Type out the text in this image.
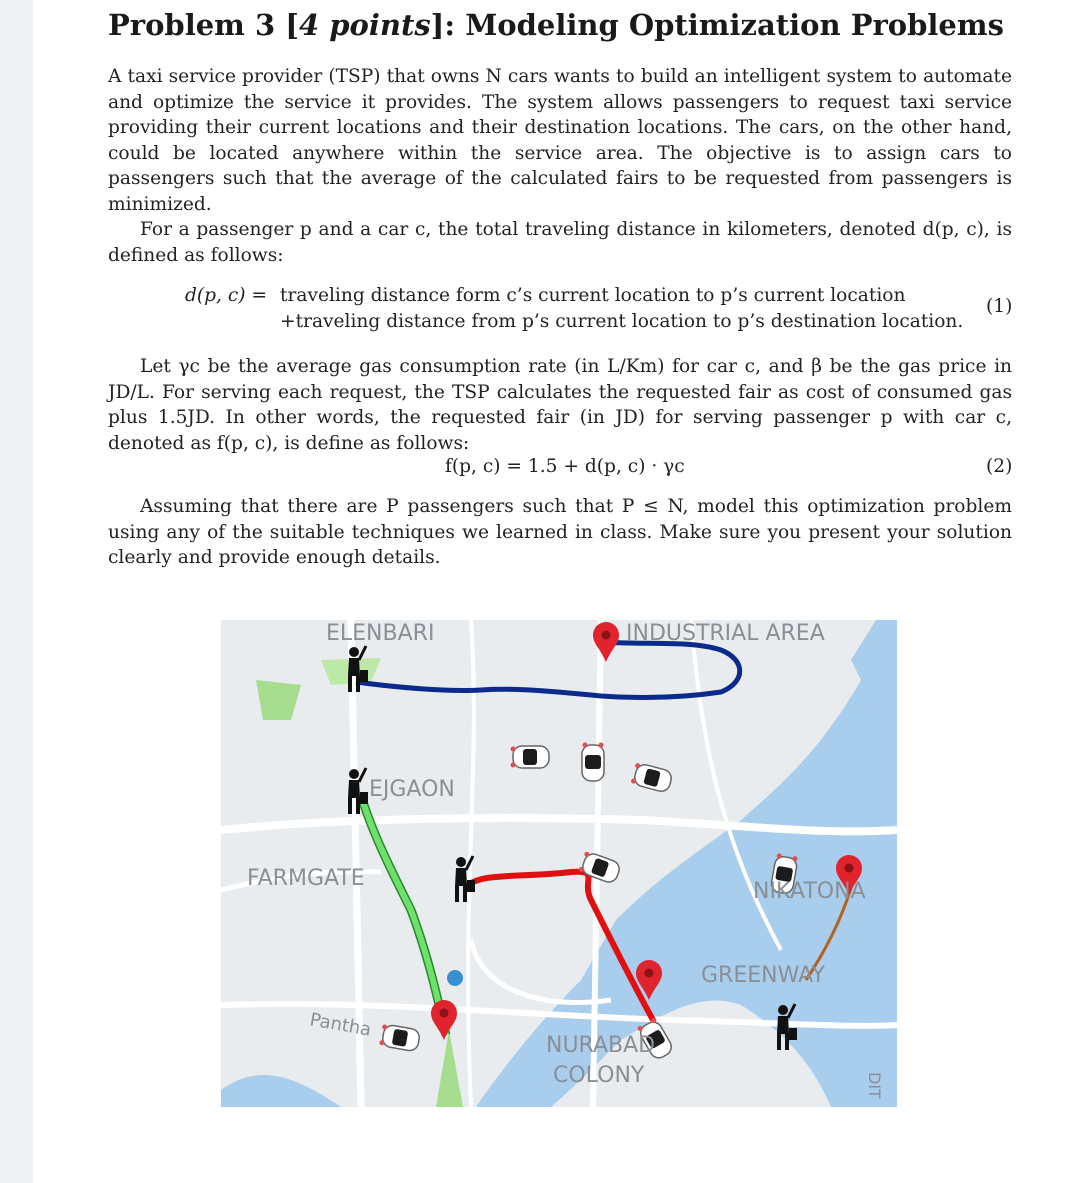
Problem 3 [4 points]: Modeling Optimization Problems

A taxi service provider (TSP) that owns N cars wants to build an intelligent system to automate and optimize the service it provides. The system allows passengers to request taxi service providing their current locations and their destination locations. The cars, on the other hand, could be located anywhere within the service area. The objective is to assign cars to passengers such that the average of the calculated fairs to be requested from passengers is minimized.

For a passenger p and a car c, the total traveling distance in kilometers, denoted d(p, c), is defined as follows:

d(p, c) = traveling distance form c’s current location to p’s current location
+traveling distance from p’s current location to p’s destination location.
(1)

Let γc be the average gas consumption rate (in L/Km) for car c, and β be the gas price in JD/L. For serving each request, the TSP calculates the requested fair as cost of consumed gas plus 1.5JD. In other words, the requested fair (in JD) for serving passenger p with car c, denoted as f(p, c), is define as follows:

f(p, c) = 1.5 + d(p, c) · γc	(2)

Assuming that there are P passengers such that P ≤ N, model this optimization problem using any of the suitable techniques we learned in class. Make sure you present your solution clearly and provide enough details.

ELENBARI	INDUSTRIAL AREA
EJGAON
FARMGATE
NIKATONA
GREENWAY
Pantha
NURABAD
COLONY	DIT
